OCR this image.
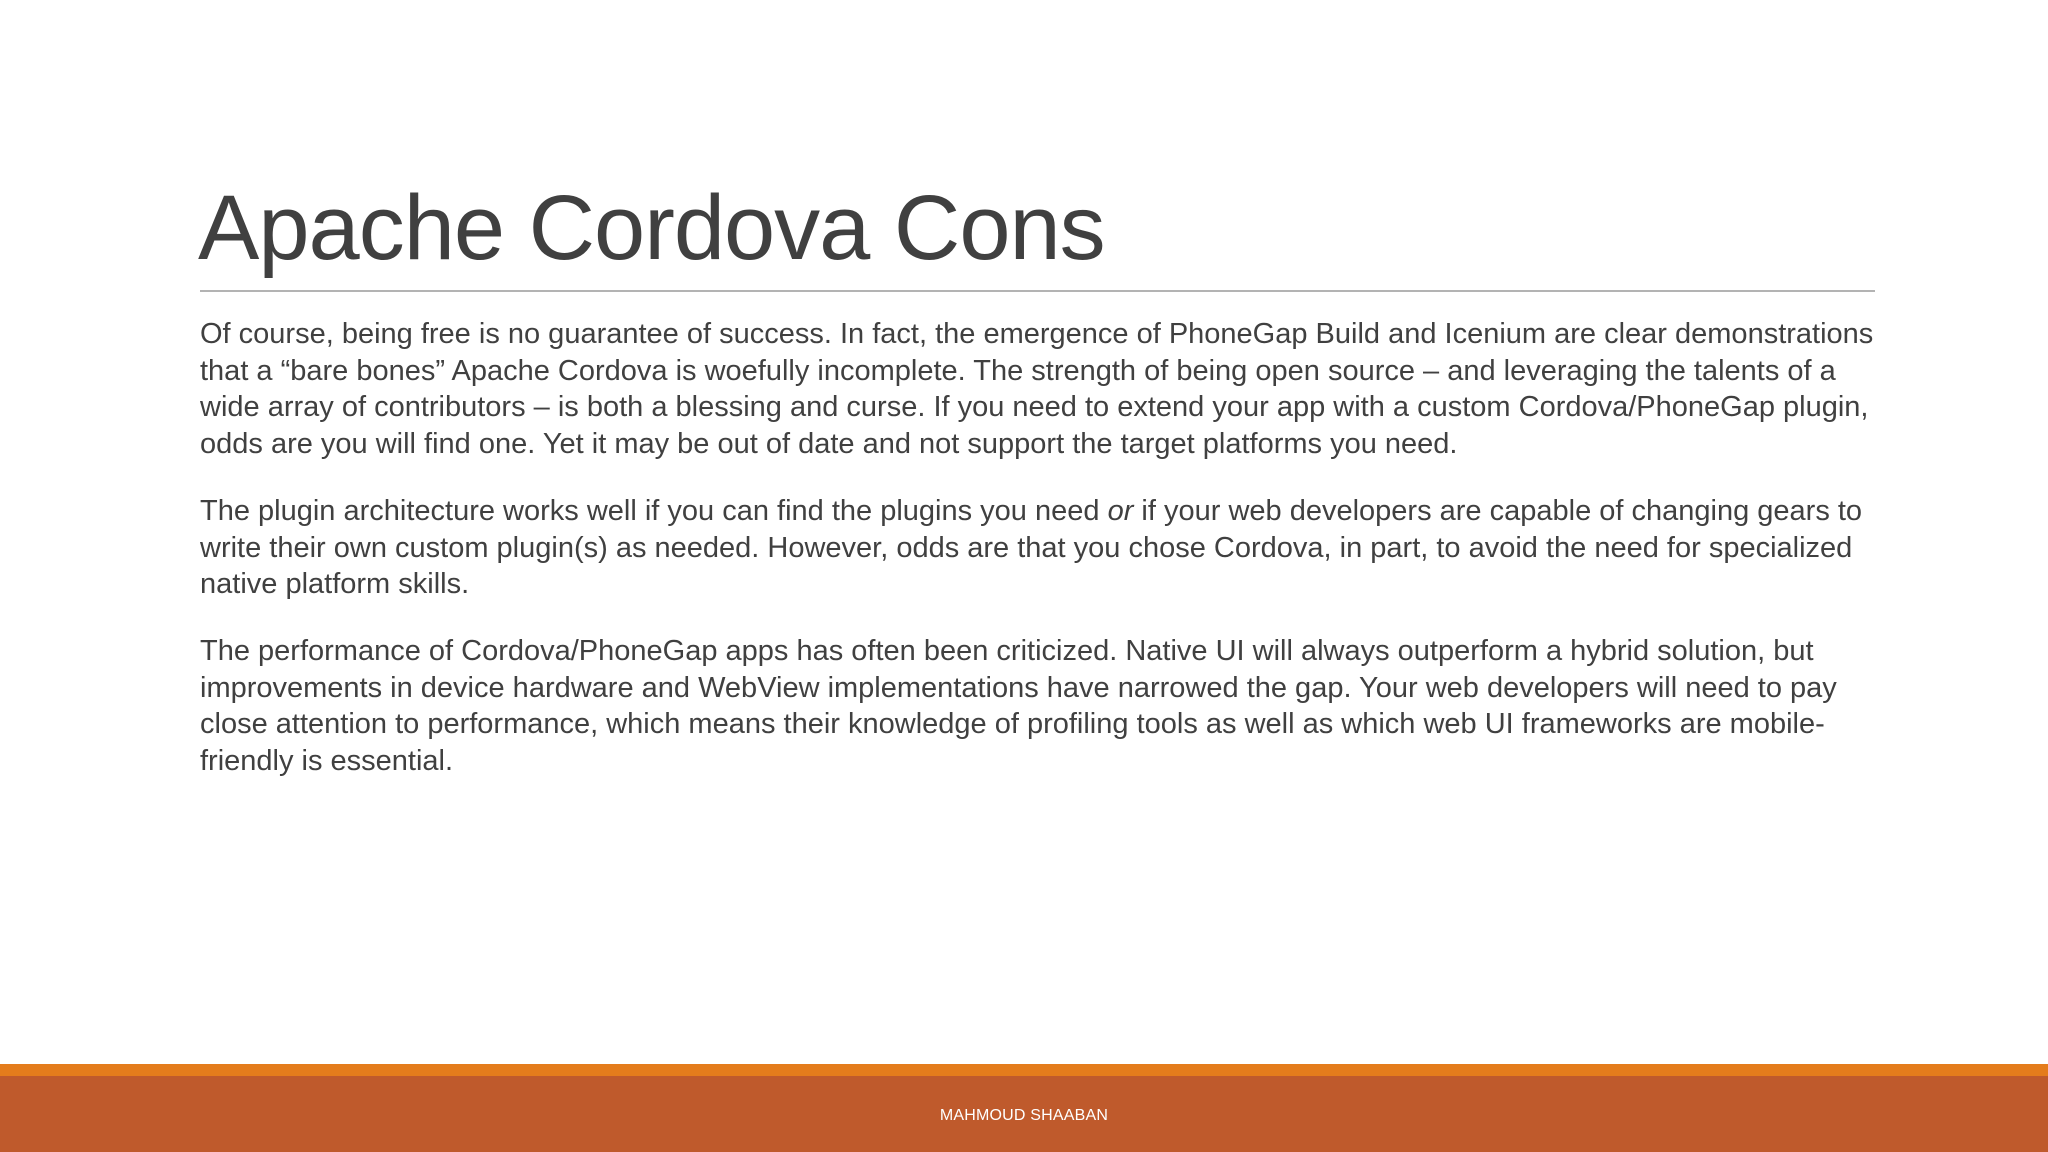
Apache Cordova Cons

Of course, being free is no guarantee of success. In fact, the emergence of PhoneGap Build and Icenium are clear demonstrations that a “bare bones” Apache Cordova is woefully incomplete. The strength of being open source – and leveraging the talents of a wide array of contributors – is both a blessing and curse. If you need to extend your app with a custom Cordova/PhoneGap plugin, odds are you will find one. Yet it may be out of date and not support the target platforms you need.

The plugin architecture works well if you can find the plugins you need or if your web developers are capable of changing gears to write their own custom plugin(s) as needed. However, odds are that you chose Cordova, in part, to avoid the need for specialized native platform skills.

The performance of Cordova/PhoneGap apps has often been criticized. Native UI will always outperform a hybrid solution, but improvements in device hardware and WebView implementations have narrowed the gap. Your web developers will need to pay close attention to performance, which means their knowledge of profiling tools as well as which web UI frameworks are mobile-friendly is essential.

MAHMOUD SHAABAN
